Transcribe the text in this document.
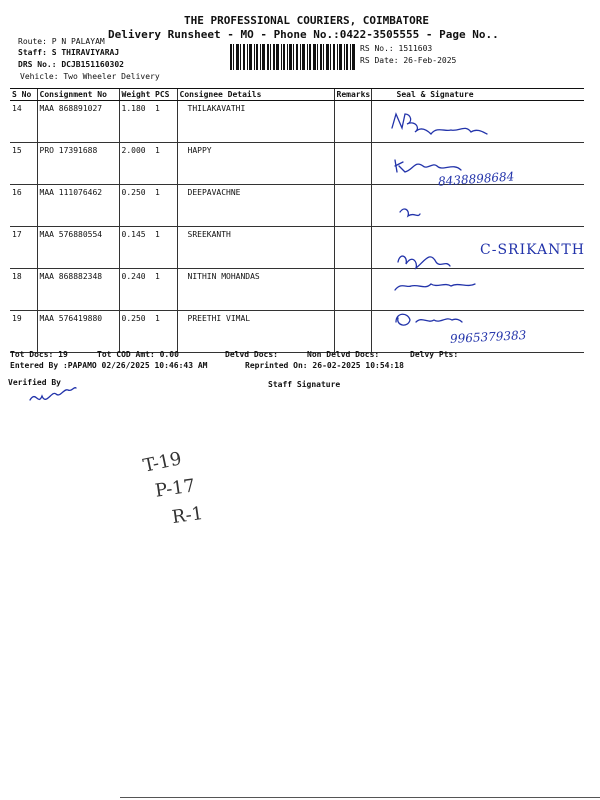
THE PROFESSIONAL COURIERS, COIMBATORE
Delivery Runsheet - MO - Phone No.:0422-3505555 - Page No..
Route: P N PALAYAM
Staff: S THIRAVIYARAJ
DRS No.: DCJB151160302
Vehicle: Two Wheeler Delivery
RS No.: 1511603
RS Date: 26-Feb-2025
S No	Consignment No	Weight	PCS	Consignee Details	Remarks	Seal & Signature
14	MAA 868891027	1.180	1	THILAKAVATHI		
15	PRO 17391688	2.000	1	HAPPY		
16	MAA 111076462	0.250	1	DEEPAVACHNE		
17	MAA 576880554	0.145	1	SREEKANTH		
18	MAA 868882348	0.240	1	NITHIN MOHANDAS		
19	MAA 576419880	0.250	1	PREETHI VIMAL		
8438898684
C-SRIKANTH
9965379383
Tot Docs: 19	Tot COD Amt: 0.00	Delvd Docs:	Non Delvd Docs:	Delvy Pts:
Entered By :PAPAMO 02/26/2025 10:46:43 AM	Reprinted On: 26-02-2025 10:54:18
Verified By	Staff Signature
T-19
P-17
R-1
